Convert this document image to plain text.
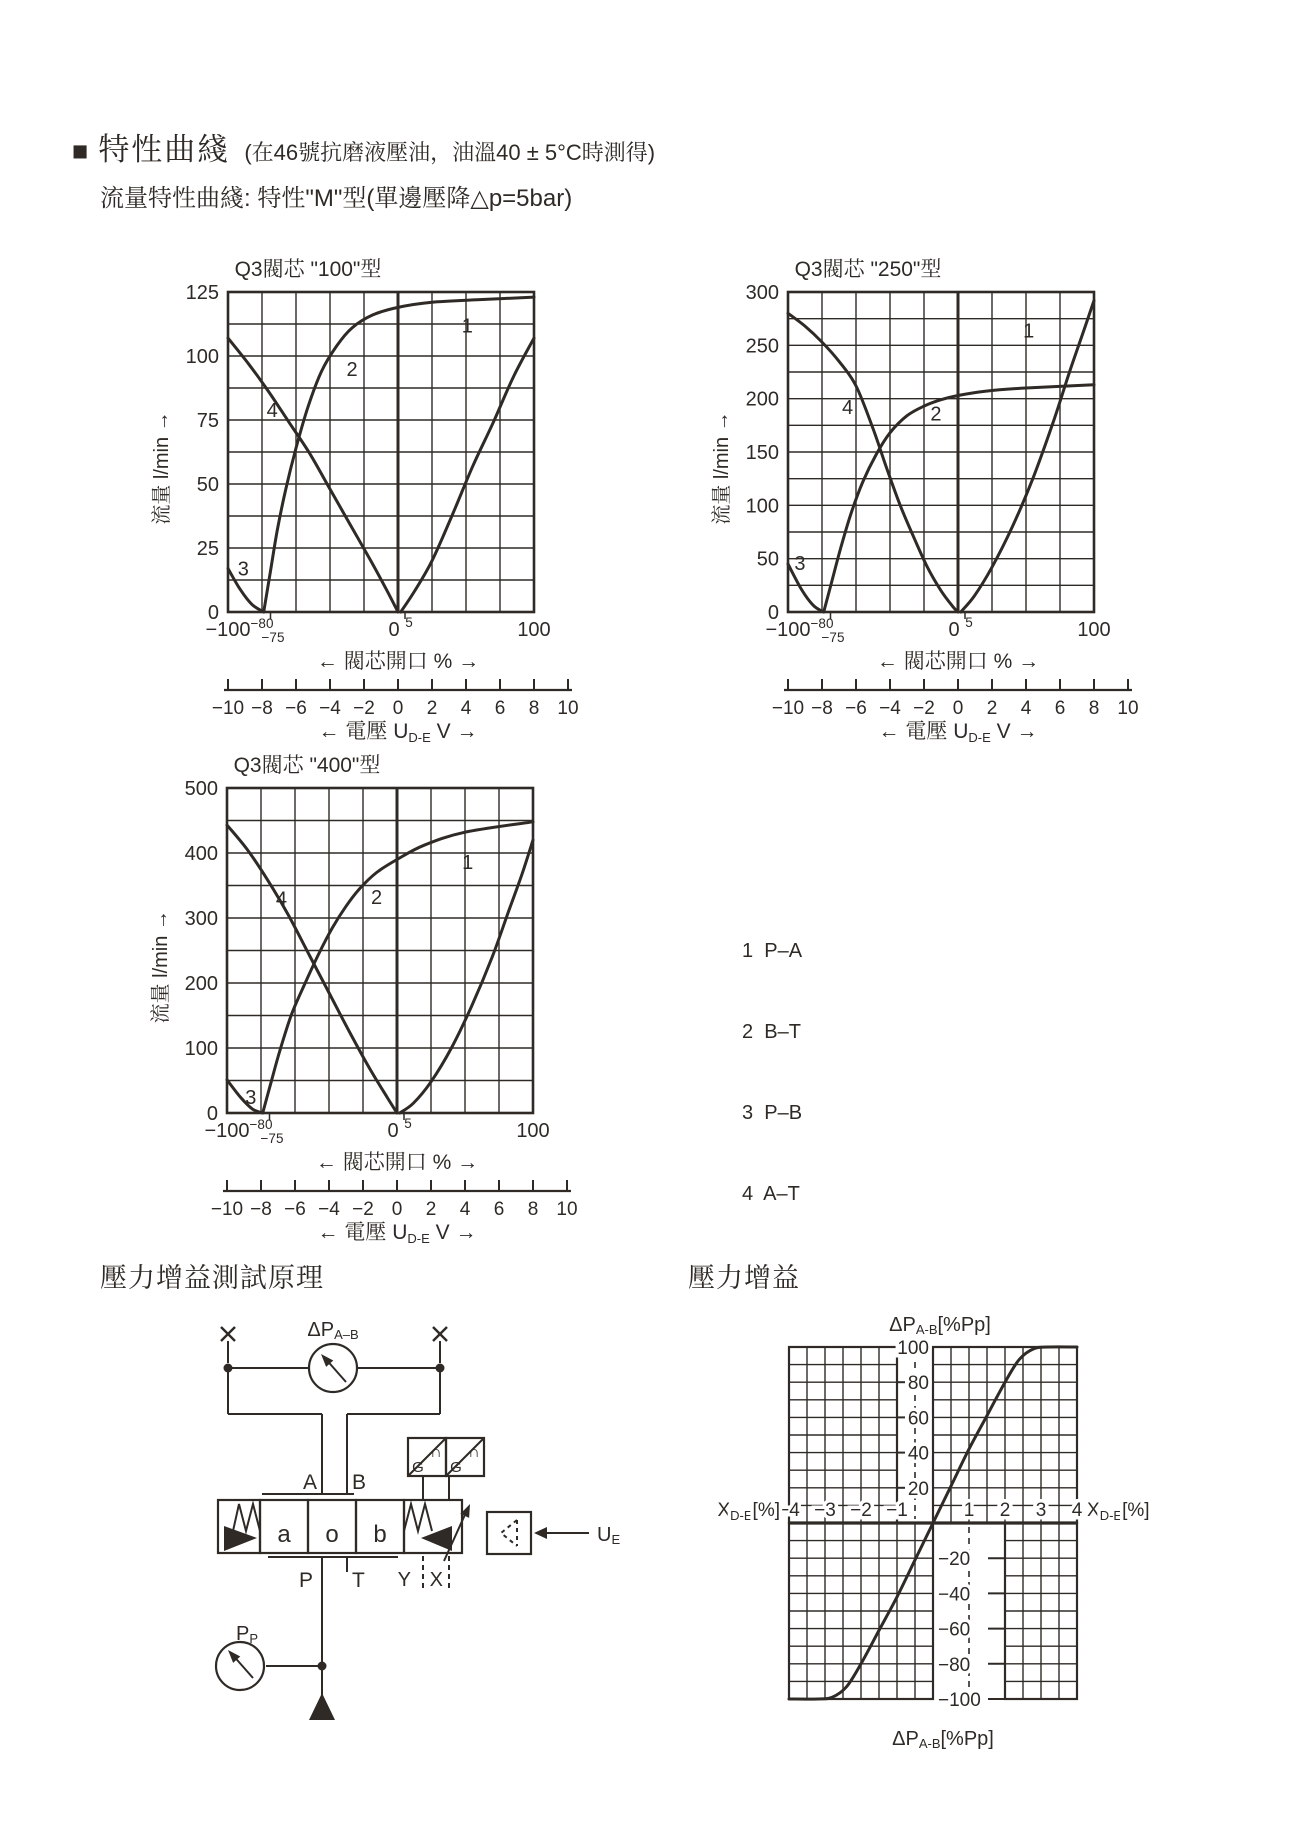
■ 特性曲綫 (在46號抗磨液壓油，油溫40 ± 5°C時測得)
流量特性曲綫: 特性"M"型(單邊壓降△p=5bar)
壓力增益測試原理	壓力增益

1  P–A

2  B–T

3  P–B

4  A–T

Q3閥芯 "100"型
流量 l/min →
0
25
50
75
100
125
−100	0	100
−80
−75
5
← 閥芯開口 % →
−10 −8 −6 −4 −2 0 2 4 6 8 10
← 電壓 $U_{D-E}$ V →
1
2
3
4
Q3閥芯 "250"型
流量 l/min →
0
50
100
150
200
250
300
−100	0	100
−80
−75
5
← 閥芯開口 % →
−10 −8 −6 −4 −2 0 2 4 6 8 10
← 電壓 $U_{D-E}$ V →
1
2
3
4
Q3閥芯 "400"型
流量 l/min →
0
100
200
300
400
500
−100	0	100
−80
−75
5
← 閥芯開口 % →
−10 −8 −6 −4 −2 0 2 4 6 8 10
← 電壓 $U_{D-E}$ V →
1
2
3
4
100
80
60
40
20
−20
−40
−60
−80
−100
−4 −3 −2 −1	1 2 3 4
$X_{D-E}[\%]$	$X_{D-E}[\%]$
ΔPA-B[%Pp]
ΔPA-B[%Pp]
ΔPA–B
A B
a o b
P T Y X
G G
∩ ∩
PP
UE
